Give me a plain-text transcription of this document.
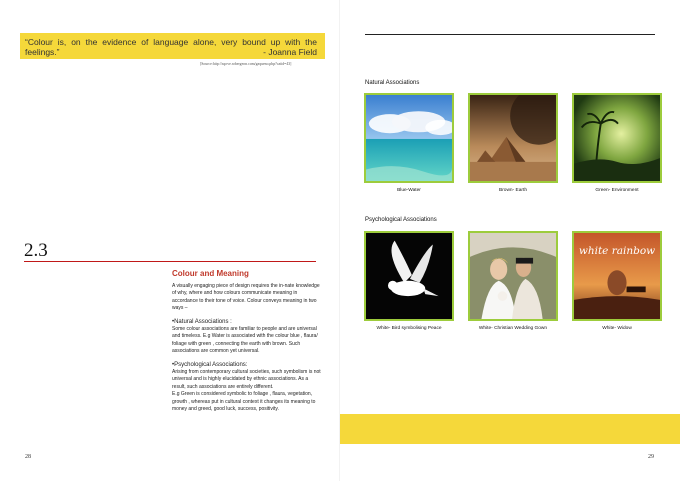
“Colour is, on the evidence of language alone, very bound up with the feelings.”	- Joanna Field
[Source:http://sqove.robergeon.com/gaqueno.php?catid=43]
2.3
Colour and Meaning

A visually engaging piece of design requires the in-nate knowledge of why, where and how colours communicate meaning in accordance to their tone of voice. Colour conveys meaning in two ways –

•Natural Associations :

Some colour associations are familiar to people and are universal and timeless. E.g Water is associated with the colour blue , flaura/ foliage with green , connecting the earth with brown. Such associations are common yet universal.

•Psychological Associations:

Arising from contemporary cultural societies, such symbolism is not universal and is highly elucidated by ethnic associations. As a result, such associations are entirely different.

E.g Green is considered symbolic to foliage , flaura, vegetation, growth , whereas put in cultural context it changes its meaning to money and greed, good luck, success, positivity.

28
Natural Associations
Blue-Water	Brown- Earth	Green- Environment
Psychological Associations
white rainbow
White- Bird symbolising Peace	White- Christian Wedding Gown	White- Widow
29
